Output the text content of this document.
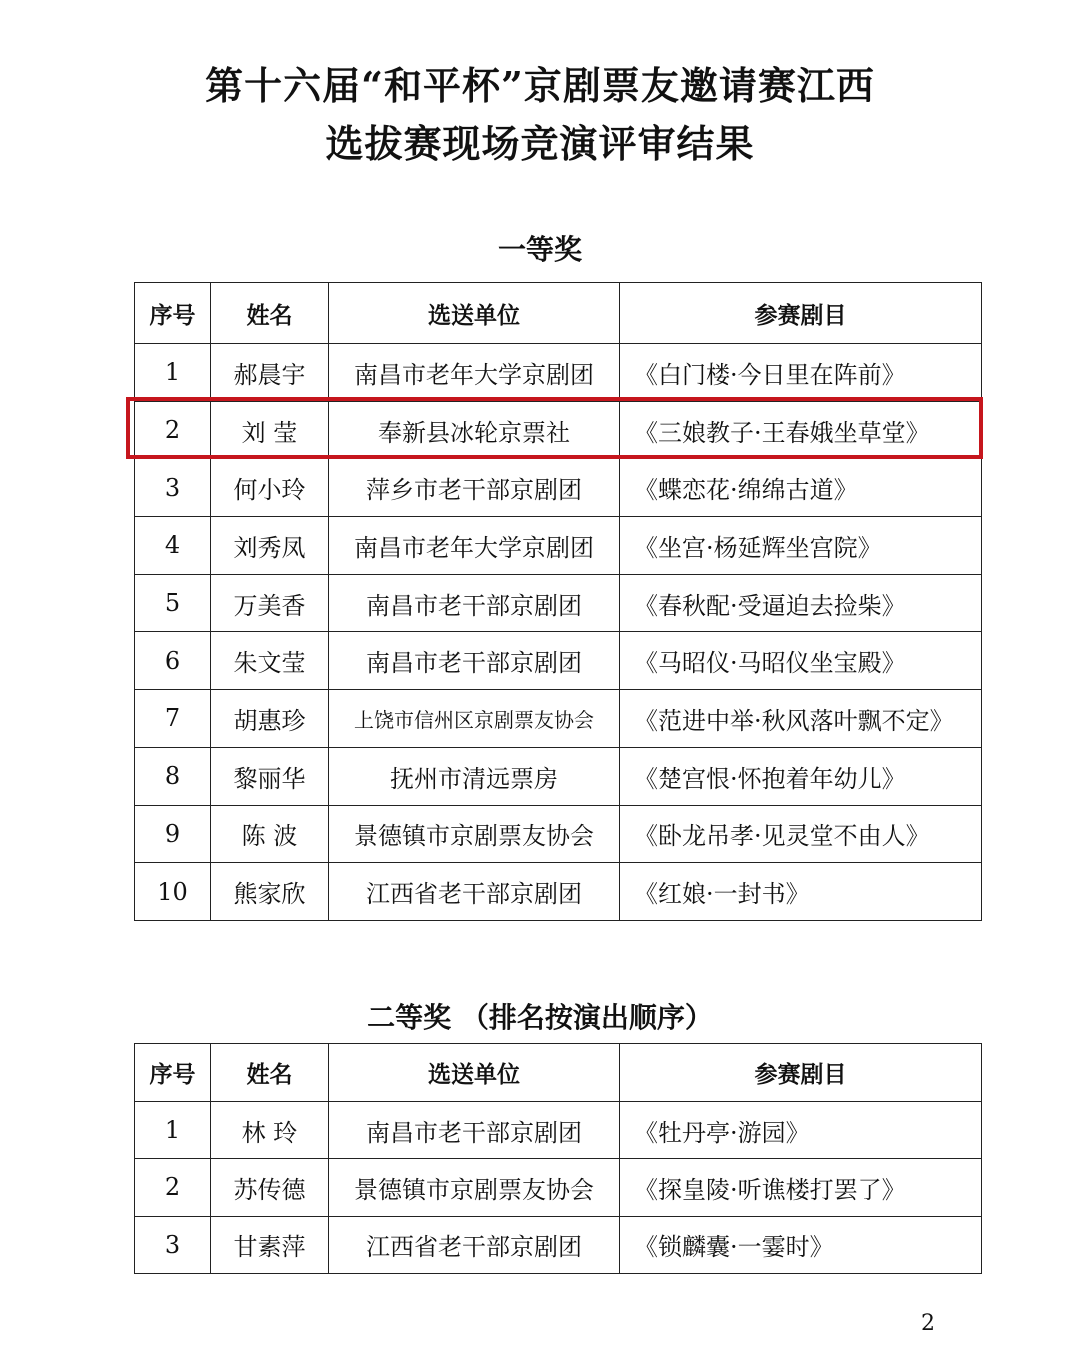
第十六届“和平杯”京剧票友邀请赛江西
选拔赛现场竞演评审结果
一等奖
序号	姓名	选送单位	参赛剧目
1	郝晨宇	南昌市老年大学京剧团	《白门楼·今日里在阵前》
2	刘 莹	奉新县冰轮京票社	《三娘教子·王春娥坐草堂》
3	何小玲	萍乡市老干部京剧团	《蝶恋花·绵绵古道》
4	刘秀凤	南昌市老年大学京剧团	《坐宫·杨延辉坐宫院》
5	万美香	南昌市老干部京剧团	《春秋配·受逼迫去捡柴》
6	朱文莹	南昌市老干部京剧团	《马昭仪·马昭仪坐宝殿》
7	胡惠珍	上饶市信州区京剧票友协会	《范进中举·秋风落叶飘不定》
8	黎丽华	抚州市清远票房	《楚宫恨·怀抱着年幼儿》
9	陈 波	景德镇市京剧票友协会	《卧龙吊孝·见灵堂不由人》
10	熊家欣	江西省老干部京剧团	《红娘·一封书》
二等奖 （排名按演出顺序）
序号	姓名	选送单位	参赛剧目
1	林 玲	南昌市老干部京剧团	《牡丹亭·游园》
2	苏传德	景德镇市京剧票友协会	《探皇陵·听谯楼打罢了》
3	甘素萍	江西省老干部京剧团	《锁麟囊·一霎时》
2
